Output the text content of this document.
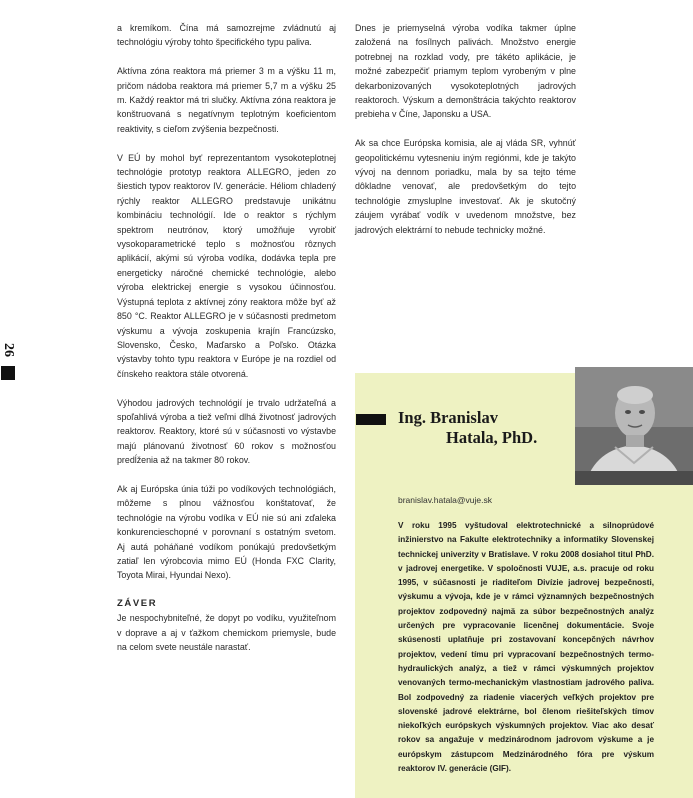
a kremíkom. Čína má samozrejme zvládnutú aj technológiu výroby tohto špecifického typu paliva.

Aktívna zóna reaktora má priemer 3 m a výšku 11 m, pričom nádoba reaktora má priemer 5,7 m a výšku 25 m. Každý reaktor má tri slučky. Aktívna zóna reaktora je konštruovaná s negatívnym teplotným koeficientom reaktivity, s cieľom zvýšenia bezpečnosti.

V EÚ by mohol byť reprezentantom vysokoteplotnej technológie prototyp reaktora ALLEGRO, jeden zo šiestich typov reaktorov IV. generácie. Héliom chladený rýchly reaktor ALLEGRO predstavuje unikátnu kombináciu technológií. Ide o reaktor s rýchlym spektrom neutrónov, ktorý umožňuje vyrobiť vysokoparametrické teplo s možnosťou rôznych aplikácií, akými sú výroba vodíka, dodávka tepla pre energeticky náročné chemické technológie, alebo výroba elektrickej energie s vysokou účinnosťou. Výstupná teplota z aktívnej zóny reaktora môže byť až 850 °C. Reaktor ALLEGRO je v súčasnosti predmetom výskumu a vývoja zoskupenia krajín Francúzsko, Slovensko, Česko, Maďarsko a Poľsko. Otázka výstavby tohto typu reaktora v Európe je na rozdiel od čínskeho reaktora stále otvorená.

Výhodou jadrových technológií je trvalo udržateľná a spoľahlivá výroba a tiež veľmi dlhá životnosť jadrových reaktorov. Reaktory, ktoré sú v súčasnosti vo výstavbe majú plánovanú životnosť 60 rokov s možnosťou predĺženia až na takmer 80 rokov.

Ak aj Európska únia túži po vodíkových technológiách, môžeme s plnou vážnosťou konštatovať, že technológie na výrobu vodíka v EÚ nie sú ani zďaleka konkurencieschopné v porovnaní s ostatným svetom. Aj autá poháňané vodíkom ponúkajú predovšetkým zatiaľ len výrobcovia mimo EÚ (Honda FXC Clarity, Toyota Mirai, Hyundai Nexo).

ZÁVER

Je nespochybniteľné, že dopyt po vodíku, využiteľnom v doprave a aj v ťažkom chemickom priemysle, bude na celom svete neustále narastať.

Dnes je priemyselná výroba vodíka takmer úplne založená na fosílnych palivách. Množstvo energie potrebnej na rozklad vody, pre tákéto aplikácie, je možné zabezpečiť priamym teplom vyrobeným v plne dekarbonizovaných vysokoteplotných jadrových reaktoroch. Výskum a demonštrácia takýchto reaktorov prebieha v Číne, Japonsku a USA.

Ak sa chce Európska komisia, ale aj vláda SR, vyhnúť geopolitickému vytesneniu iným regiónmi, kde je takýto vývoj na dennom poriadku, mala by sa tejto téme dôkladne venovať, ale predovšetkým do tejto technológie zmysluplne investovať. Ak je skutočný záujem vyrábať vodík v uvedenom množstve, bez jadrových elektrární to nebude technicky možné.

26
Ing. Branislav
Hatala, PhD.
branislav.hatala@vuje.sk
V roku 1995 vyštudoval elektrotechnické a silnoprúdové inžinierstvo na Fakulte elektrotechniky a informatiky Slovenskej technickej univerzity v Bratislave. V roku 2008 dosiahol titul PhD. v jadrovej energetike. V spoločnosti VUJE, a.s. pracuje od roku 1995, v súčasnosti je riaditeľom Divízie jadrovej bezpečnosti, výskumu a vývoja, kde je v rámci významných bezpečnostných projektov zodpovedný najmä za súbor bezpečnostných analýz určených pre vypracovanie licenčnej dokumentácie. Svoje skúsenosti uplatňuje pri zostavovaní koncepčných návrhov projektov, vedení tímu pri vypracovaní bezpečnostných termo-hydraulických analýz, a tiež v rámci výskumných projektov venovaných termo-mechanickým vlastnostiam jadrového paliva. Bol zodpovedný za riadenie viacerých veľkých projektov pre slovenské jadrové elektrárne, bol členom riešiteľských tímov niekoľkých európskych výskumných projektov. Viac ako desať rokov sa angažuje v medzinárodnom jadrovom výskume a je európskym zástupcom Medzinárodného fóra pre výskum reaktorov IV. generácie (GIF).
